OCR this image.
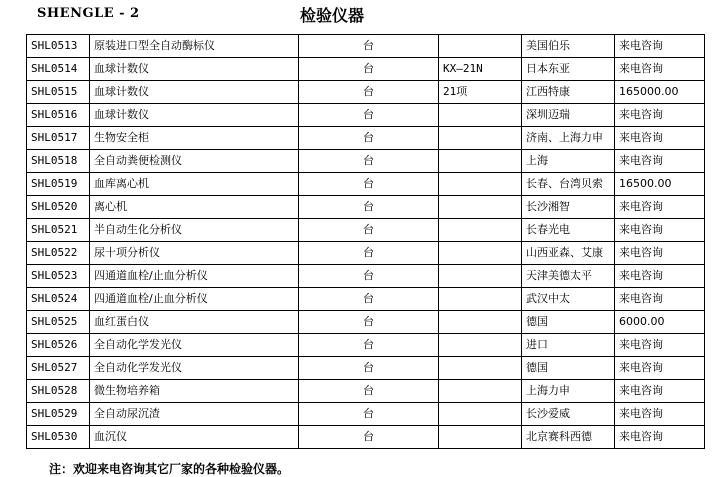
SHENGLE - 2	检验仪器
SHL0513	原装进口型全自动酶标仪	台		美国伯乐	来电咨询
SHL0514	血球计数仪	台	KX—21N	日本东亚	来电咨询
SHL0515	血球计数仪	台	21项	江西特康	165000.00
SHL0516	血球计数仪	台		深圳迈瑞	来电咨询
SHL0517	生物安全柜	台		济南、上海力申	来电咨询
SHL0518	全自动粪便检测仪	台		上海	来电咨询
SHL0519	血库离心机	台		长春、台湾贝索	16500.00
SHL0520	离心机	台		长沙湘智	来电咨询
SHL0521	半自动生化分析仪	台		长春光电	来电咨询
SHL0522	尿十项分析仪	台		山西亚森、艾康	来电咨询
SHL0523	四通道血栓/止血分析仪	台		天津美德太平	来电咨询
SHL0524	四通道血栓/止血分析仪	台		武汉中太	来电咨询
SHL0525	血红蛋白仪	台		德国	6000.00
SHL0526	全自动化学发光仪	台		进口	来电咨询
SHL0527	全自动化学发光仪	台		德国	来电咨询
SHL0528	微生物培养箱	台		上海力申	来电咨询
SHL0529	全自动尿沉渣	台		长沙爱威	来电咨询
SHL0530	血沉仪	台		北京赛科西德	来电咨询
注：欢迎来电咨询其它厂家的各种检验仪器。
